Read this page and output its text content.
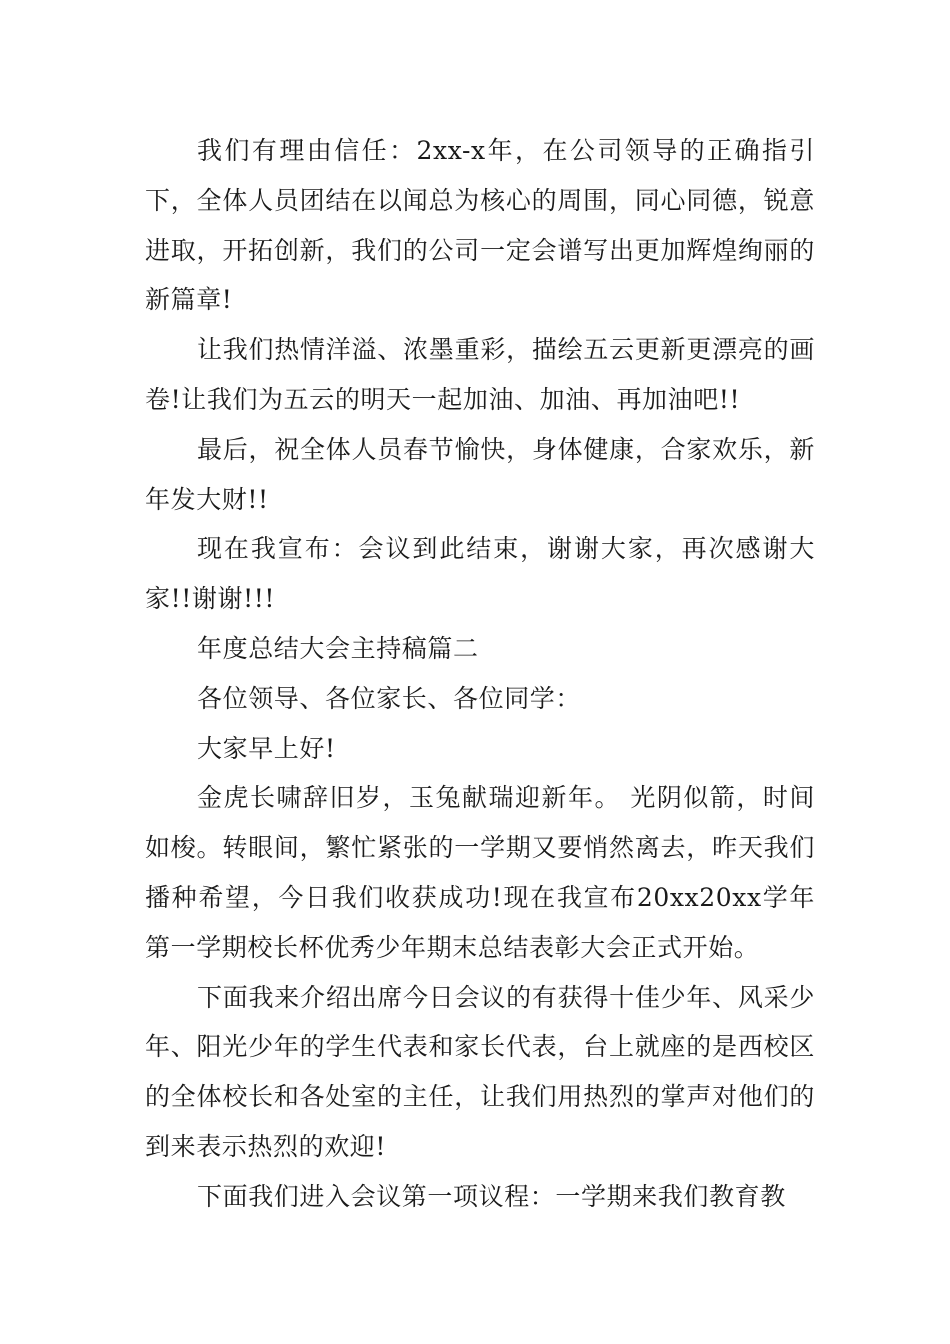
我们有理由信任：2xx-x年，在公司领导的正确指引下，全体人员团结在以闻总为核心的周围，同心同德，锐意进取，开拓创新，我们的公司一定会谱写出更加辉煌绚丽的新篇章!

让我们热情洋溢、浓墨重彩，描绘五云更新更漂亮的画卷!让我们为五云的明天一起加油、加油、再加油吧!!

最后，祝全体人员春节愉快，身体健康，合家欢乐，新年发大财!!

现在我宣布：会议到此结束，谢谢大家，再次感谢大家!!谢谢!!!

年度总结大会主持稿篇二

各位领导、各位家长、各位同学：

大家早上好!

金虎长啸辞旧岁，玉兔献瑞迎新年。 光阴似箭，时间如梭。转眼间，繁忙紧张的一学期又要悄然离去，昨天我们播种希望，今日我们收获成功!现在我宣布20xx20xx学年第一学期校长杯优秀少年期末总结表彰大会正式开始。

下面我来介绍出席今日会议的有获得十佳少年、风采少年、阳光少年的学生代表和家长代表，台上就座的是西校区的全体校长和各处室的主任，让我们用热烈的掌声对他们的到来表示热烈的欢迎!

下面我们进入会议第一项议程：一学期来我们教育教
